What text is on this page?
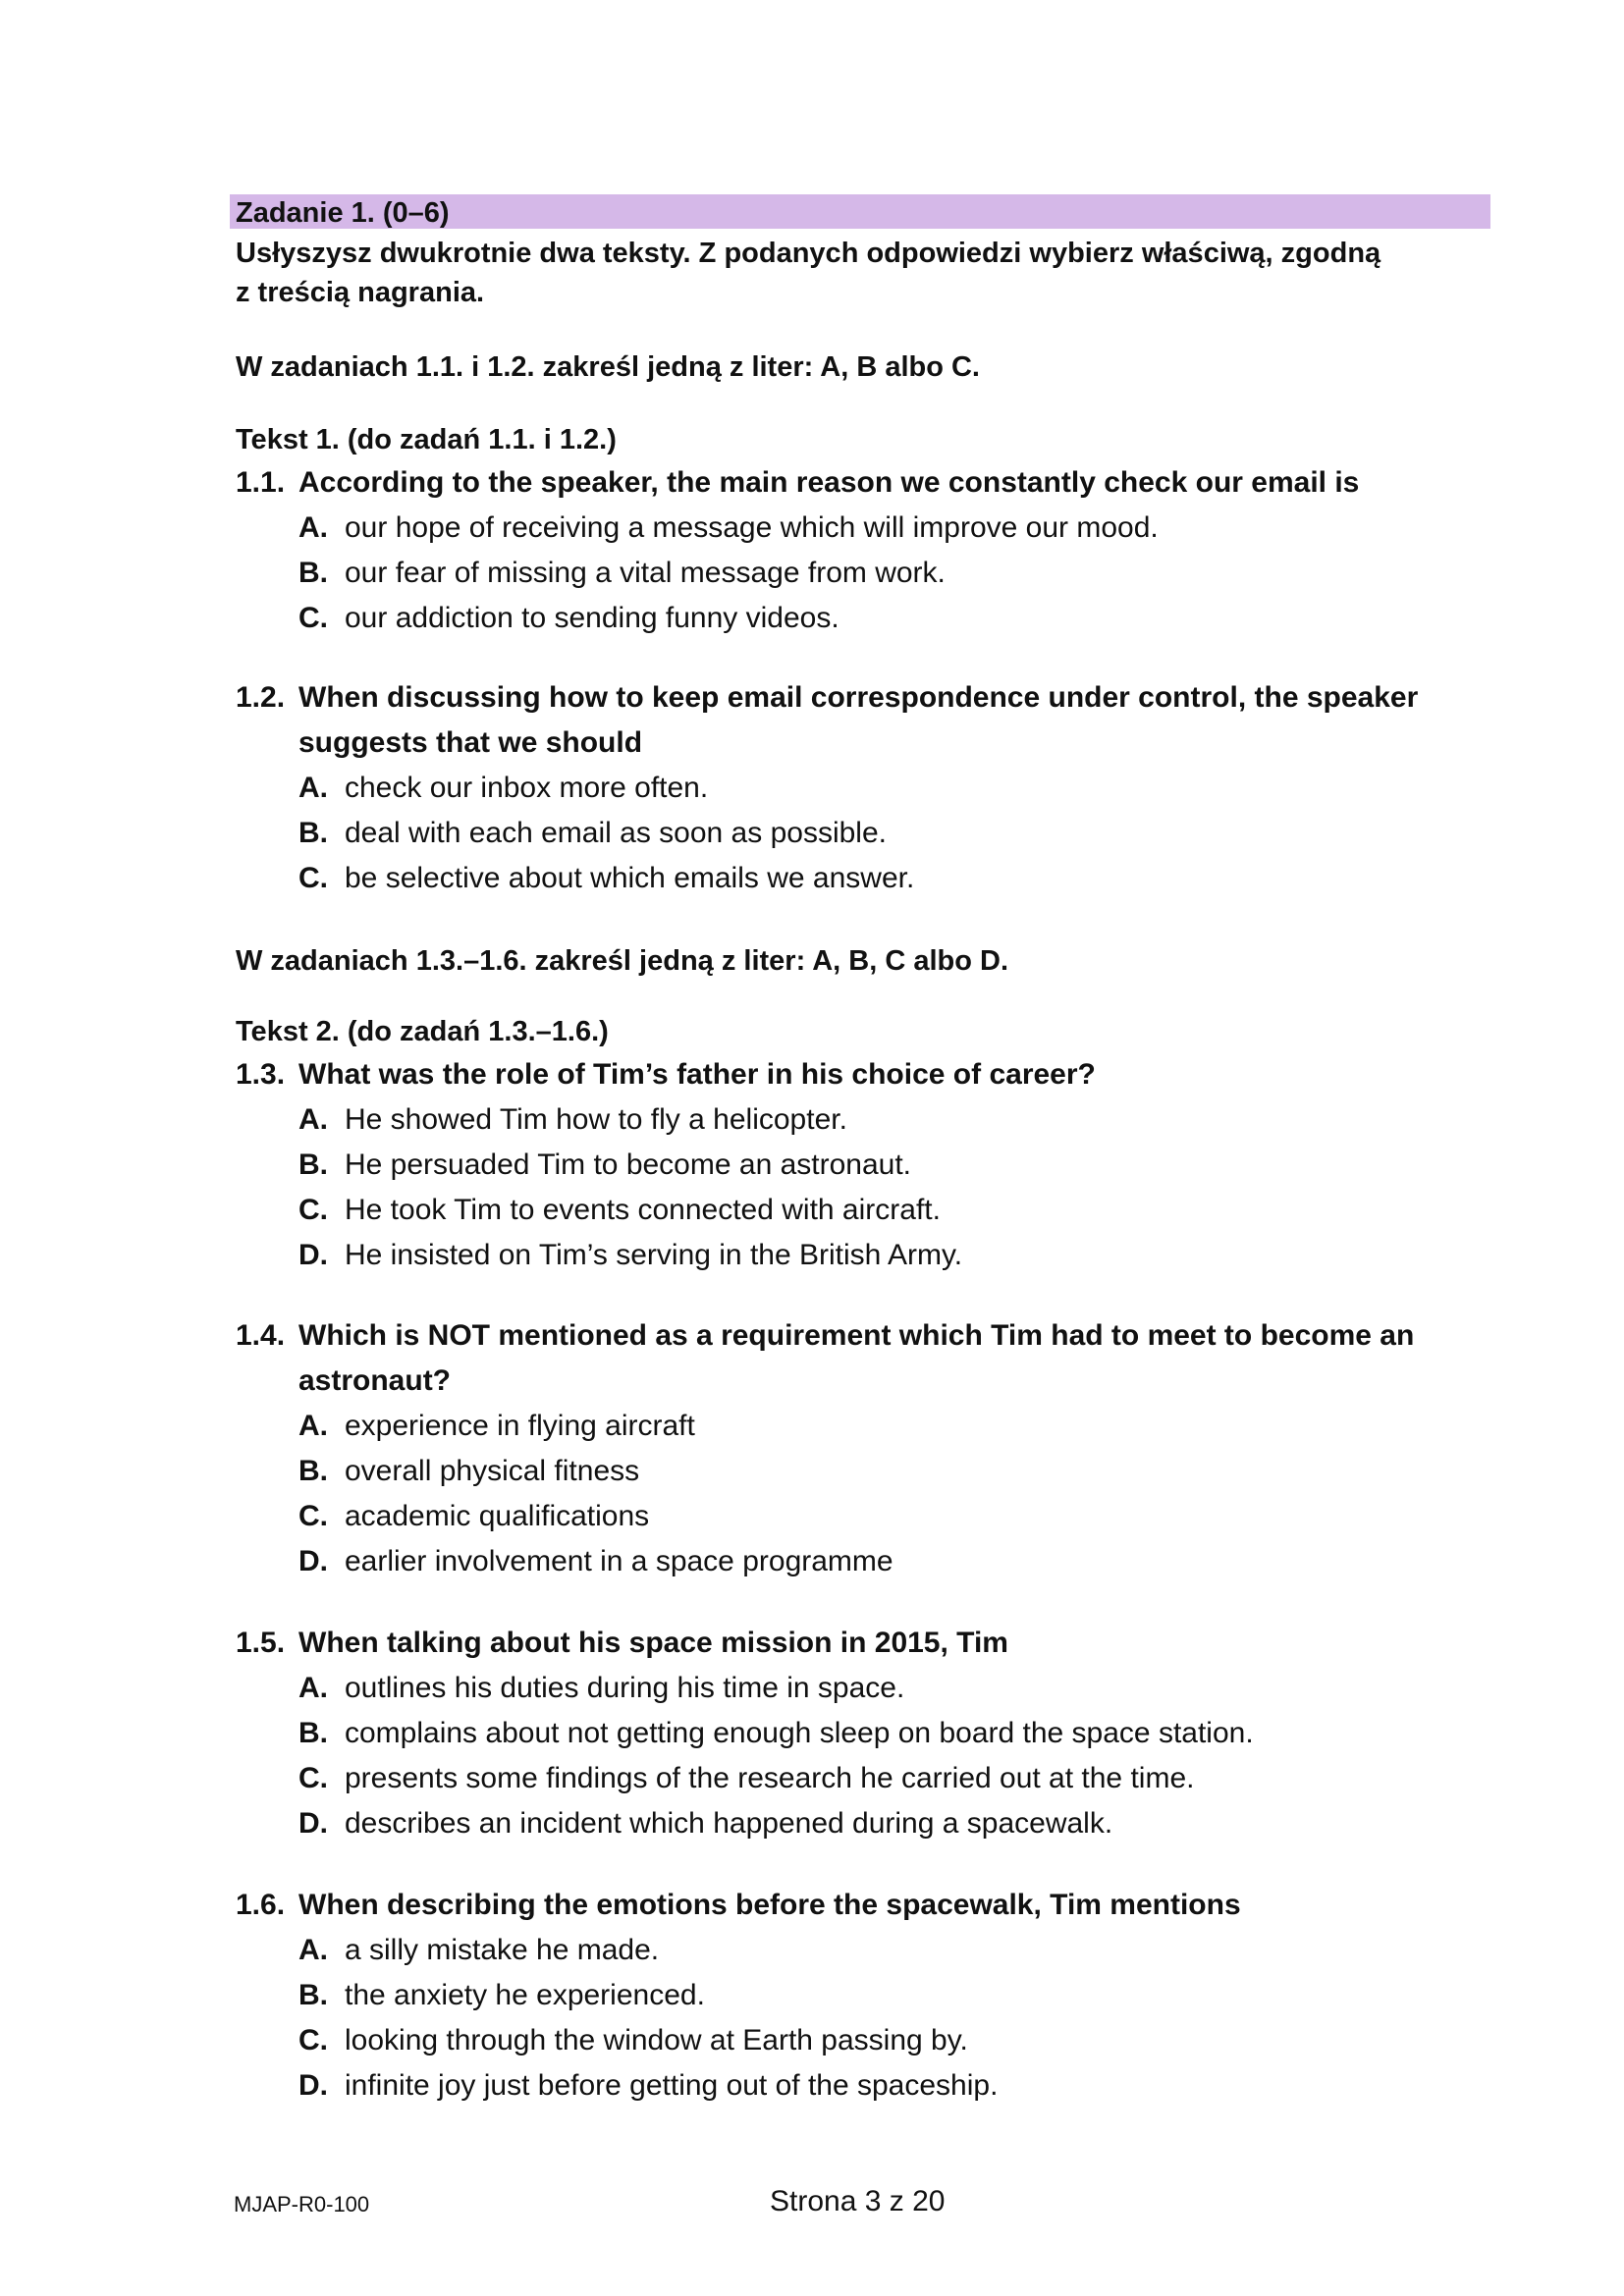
Zadanie 1. (0–6)
Usłyszysz dwukrotnie dwa teksty. Z podanych odpowiedzi wybierz właściwą, zgodną
z treścią nagrania.
W zadaniach 1.1. i 1.2. zakreśl jedną z liter: A, B albo C.
Tekst 1. (do zadań 1.1. i 1.2.)
1.1. According to the speaker, the main reason we constantly check our email is
A. our hope of receiving a message which will improve our mood.
B. our fear of missing a vital message from work.
C. our addiction to sending funny videos.
1.2. When discussing how to keep email correspondence under control, the speaker suggests that we should
A. check our inbox more often.
B. deal with each email as soon as possible.
C. be selective about which emails we answer.
W zadaniach 1.3.–1.6. zakreśl jedną z liter: A, B, C albo D.
Tekst 2. (do zadań 1.3.–1.6.)
1.3. What was the role of Tim’s father in his choice of career?
A. He showed Tim how to fly a helicopter.
B. He persuaded Tim to become an astronaut.
C. He took Tim to events connected with aircraft.
D. He insisted on Tim’s serving in the British Army.
1.4. Which is NOT mentioned as a requirement which Tim had to meet to become an astronaut?
A. experience in flying aircraft
B. overall physical fitness
C. academic qualifications
D. earlier involvement in a space programme
1.5. When talking about his space mission in 2015, Tim
A. outlines his duties during his time in space.
B. complains about not getting enough sleep on board the space station.
C. presents some findings of the research he carried out at the time.
D. describes an incident which happened during a spacewalk.
1.6. When describing the emotions before the spacewalk, Tim mentions
A. a silly mistake he made.
B. the anxiety he experienced.
C. looking through the window at Earth passing by.
D. infinite joy just before getting out of the spaceship.
MJAP-R0-100	Strona 3 z 20
